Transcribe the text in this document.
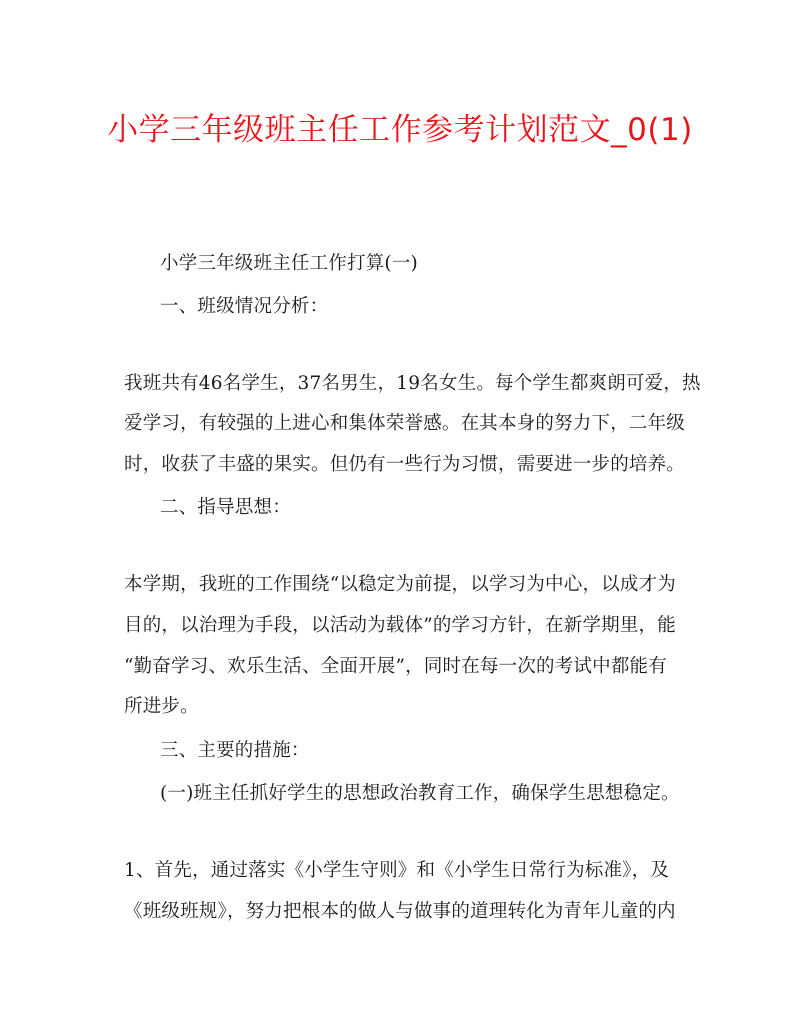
小学三年级班主任工作参考计划范文_0(1)
小学三年级班主任工作打算(一)
一、班级情况分析：
我班共有46名学生，37名男生，19名女生。每个学生都爽朗可爱，热
爱学习，有较强的上进心和集体荣誉感。在其本身的努力下，二年级
时，收获了丰盛的果实。但仍有一些行为习惯，需要进一步的培养。
二、指导思想：
本学期，我班的工作围绕“以稳定为前提，以学习为中心，以成才为
目的，以治理为手段，以活动为载体”的学习方针，在新学期里，能
“勤奋学习、欢乐生活、全面开展”，同时在每一次的考试中都能有
所进步。
三、主要的措施：
(一)班主任抓好学生的思想政治教育工作，确保学生思想稳定。
1、首先，通过落实《小学生守则》和《小学生日常行为标准》，及
《班级班规》，努力把根本的做人与做事的道理转化为青年儿童的内
